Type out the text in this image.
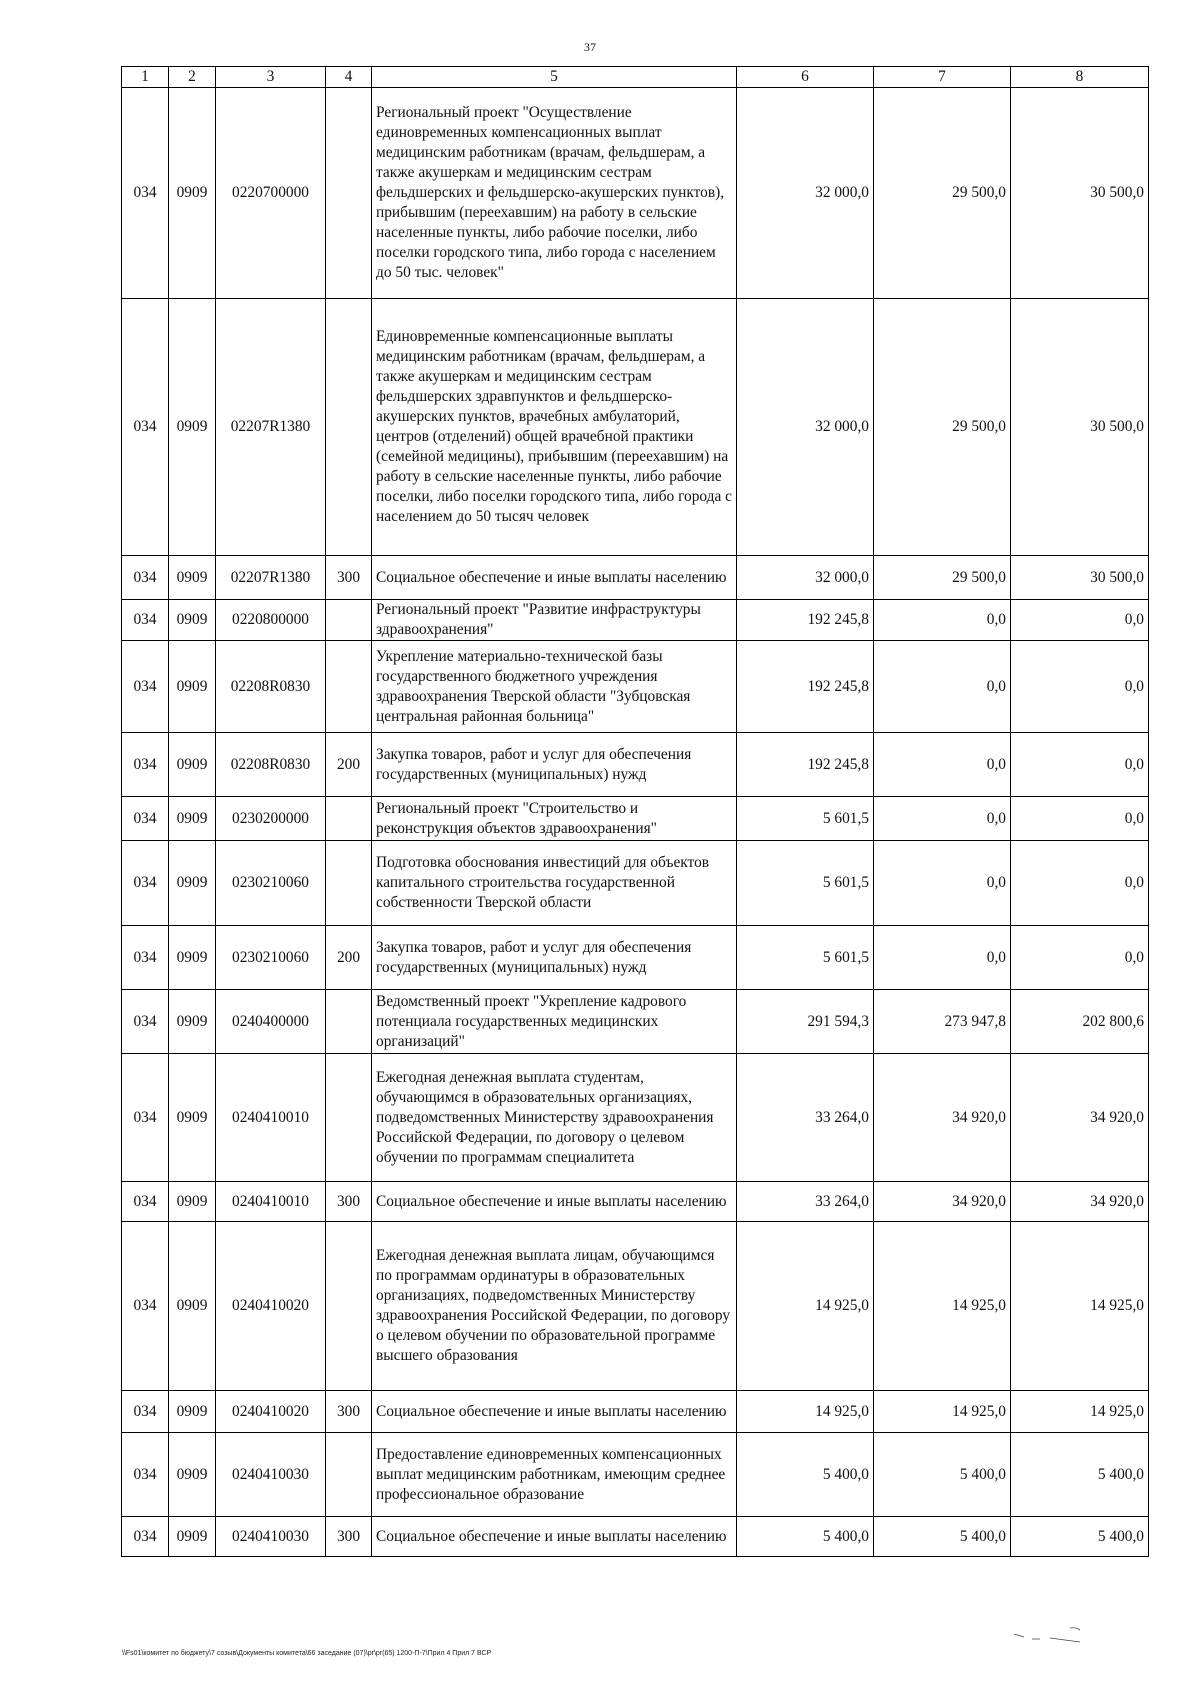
37
1	2	3	4	5	6	7	8
034	0909	0220700000		Региональный проект "Осуществление единовременных компенсационных выплат медицинским работникам (врачам, фельдшерам, а также акушеркам и медицинским сестрам фельдшерских и фельдшерско-акушерских пунктов), прибывшим (переехавшим) на работу в сельские населенные пункты, либо рабочие поселки, либо поселки городского типа, либо города с населением до 50 тыс. человек"	32 000,0	29 500,0	30 500,0
034	0909	02207R1380		Единовременные компенсационные выплаты медицинским работникам (врачам, фельдшерам, а также акушеркам и медицинским сестрам фельдшерских здравпунктов и фельдшерско-акушерских пунктов, врачебных амбулаторий, центров (отделений) общей врачебной практики (семейной медицины), прибывшим (переехавшим) на работу в сельские населенные пункты, либо рабочие поселки, либо поселки городского типа, либо города с населением до 50 тысяч человек	32 000,0	29 500,0	30 500,0
034	0909	02207R1380	300	Социальное обеспечение и иные выплаты населению	32 000,0	29 500,0	30 500,0
034	0909	0220800000		Региональный проект "Развитие инфраструктуры здравоохранения"	192 245,8	0,0	0,0
034	0909	02208R0830		Укрепление материально-технической базы государственного бюджетного учреждения здравоохранения Тверской области "Зубцовская центральная районная больница"	192 245,8	0,0	0,0
034	0909	02208R0830	200	Закупка товаров, работ и услуг для обеспечения государственных (муниципальных) нужд	192 245,8	0,0	0,0
034	0909	0230200000		Региональный проект "Строительство и реконструкция объектов здравоохранения"	5 601,5	0,0	0,0
034	0909	0230210060		Подготовка обоснования инвестиций для объектов капитального строительства государственной собственности Тверской области	5 601,5	0,0	0,0
034	0909	0230210060	200	Закупка товаров, работ и услуг для обеспечения государственных (муниципальных) нужд	5 601,5	0,0	0,0
034	0909	0240400000		Ведомственный проект "Укрепление кадрового потенциала государственных медицинских организаций"	291 594,3	273 947,8	202 800,6
034	0909	0240410010		Ежегодная денежная выплата студентам, обучающимся в образовательных организациях, подведомственных Министерству здравоохранения Российской Федерации, по договору о целевом обучении по программам специалитета	33 264,0	34 920,0	34 920,0
034	0909	0240410010	300	Социальное обеспечение и иные выплаты населению	33 264,0	34 920,0	34 920,0
034	0909	0240410020		Ежегодная денежная выплата лицам, обучающимся по программам ординатуры в образовательных организациях, подведомственных Министерству здравоохранения Российской Федерации, по договору о целевом обучении по образовательной программе высшего образования	14 925,0	14 925,0	14 925,0
034	0909	0240410020	300	Социальное обеспечение и иные выплаты населению	14 925,0	14 925,0	14 925,0
034	0909	0240410030		Предоставление единовременных компенсационных выплат медицинским работникам, имеющим среднее профессиональное образование	5 400,0	5 400,0	5 400,0
034	0909	0240410030	300	Социальное обеспечение и иные выплаты населению	5 400,0	5 400,0	5 400,0
\\Fs01\комитет по бюджету\7 созыв\Документы комитета\66 заседание (07)\pr\pr(65) 1200-П-7\Прил 4 Прил 7 ВСР
